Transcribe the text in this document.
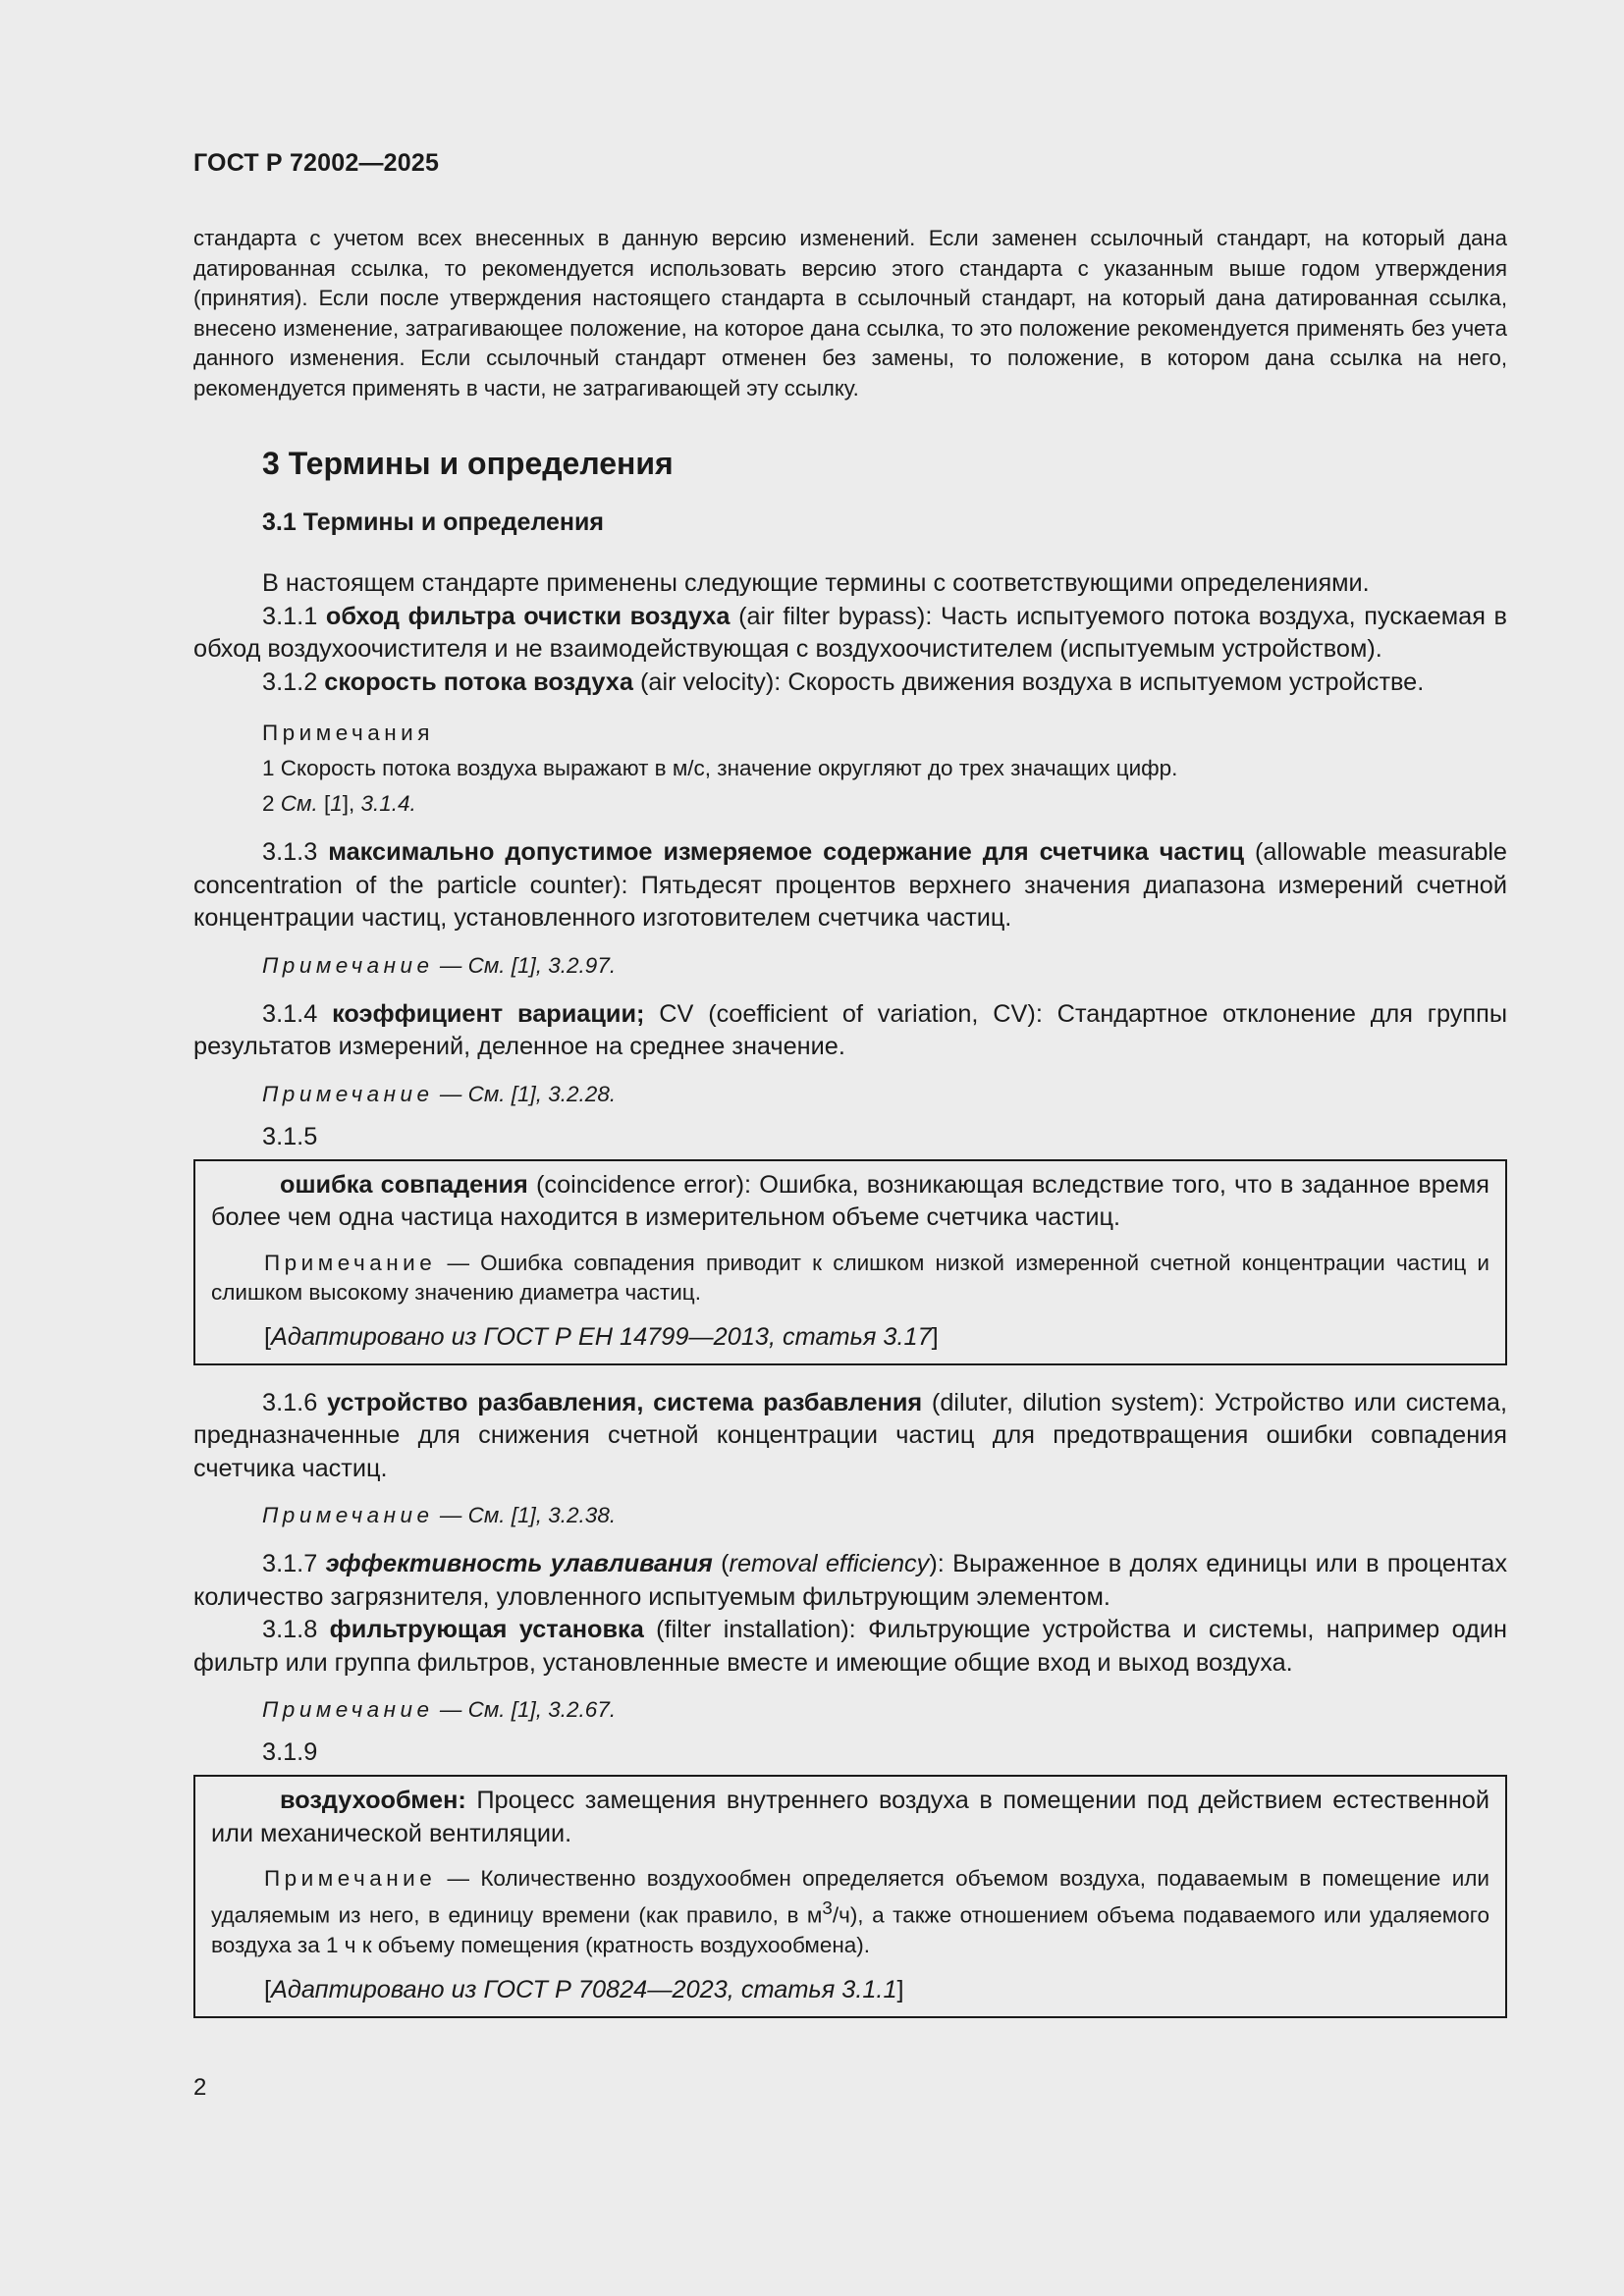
ГОСТ Р 72002—2025

стандарта с учетом всех внесенных в данную версию изменений. Если заменен ссылочный стандарт, на который дана датированная ссылка, то рекомендуется использовать версию этого стандарта с указанным выше годом утверждения (принятия). Если после утверждения настоящего стандарта в ссылочный стандарт, на который дана датированная ссылка, внесено изменение, затрагивающее положение, на которое дана ссылка, то это положение рекомендуется применять без учета данного изменения. Если ссылочный стандарт отменен без замены, то положение, в котором дана ссылка на него, рекомендуется применять в части, не затрагивающей эту ссылку.

3 Термины и определения
3.1 Термины и определения

В настоящем стандарте применены следующие термины с соответствующими определениями.

3.1.1 обход фильтра очистки воздуха (air filter bypass): Часть испытуемого потока воздуха, пускаемая в обход воздухоочистителя и не взаимодействующая с воздухоочистителем (испытуемым устройством).

3.1.2 скорость потока воздуха (air velocity): Скорость движения воздуха в испытуемом устройстве.

Примечания
1 Скорость потока воздуха выражают в м/с, значение округляют до трех значащих цифр.
2 См. [1], 3.1.4.

3.1.3 максимально допустимое измеряемое содержание для счетчика частиц (allowable measurable concentration of the particle counter): Пятьдесят процентов верхнего значения диапазона измерений счетной концентрации частиц, установленного изготовителем счетчика частиц.

Примечание — См. [1], 3.2.97.

3.1.4 коэффициент вариации; CV (coefficient of variation, CV): Стандартное отклонение для группы результатов измерений, деленное на среднее значение.

Примечание — См. [1], 3.2.28.
3.1.5

ошибка совпадения (coincidence error): Ошибка, возникающая вследствие того, что в заданное время более чем одна частица находится в измерительном объеме счетчика частиц.

Примечание — Ошибка совпадения приводит к слишком низкой измеренной счетной концентрации частиц и слишком высокому значению диаметра частиц.

[Адаптировано из ГОСТ Р ЕН 14799—2013, статья 3.17]

3.1.6 устройство разбавления, система разбавления (diluter, dilution system): Устройство или система, предназначенные для снижения счетной концентрации частиц для предотвращения ошибки совпадения счетчика частиц.

Примечание — См. [1], 3.2.38.

3.1.7 эффективность улавливания (removal efficiency): Выраженное в долях единицы или в процентах количество загрязнителя, уловленного испытуемым фильтрующим элементом.

3.1.8 фильтрующая установка (filter installation): Фильтрующие устройства и системы, например один фильтр или группа фильтров, установленные вместе и имеющие общие вход и выход воздуха.

Примечание — См. [1], 3.2.67.
3.1.9

воздухообмен: Процесс замещения внутреннего воздуха в помещении под действием естественной или механической вентиляции.

Примечание — Количественно воздухообмен определяется объемом воздуха, подаваемым в помещение или удаляемым из него, в единицу времени (как правило, в $м^3/ч$), а также отношением объема подаваемого или удаляемого воздуха за 1 ч к объему помещения (кратность воздухообмена).

[Адаптировано из ГОСТ Р 70824—2023, статья 3.1.1]
2
